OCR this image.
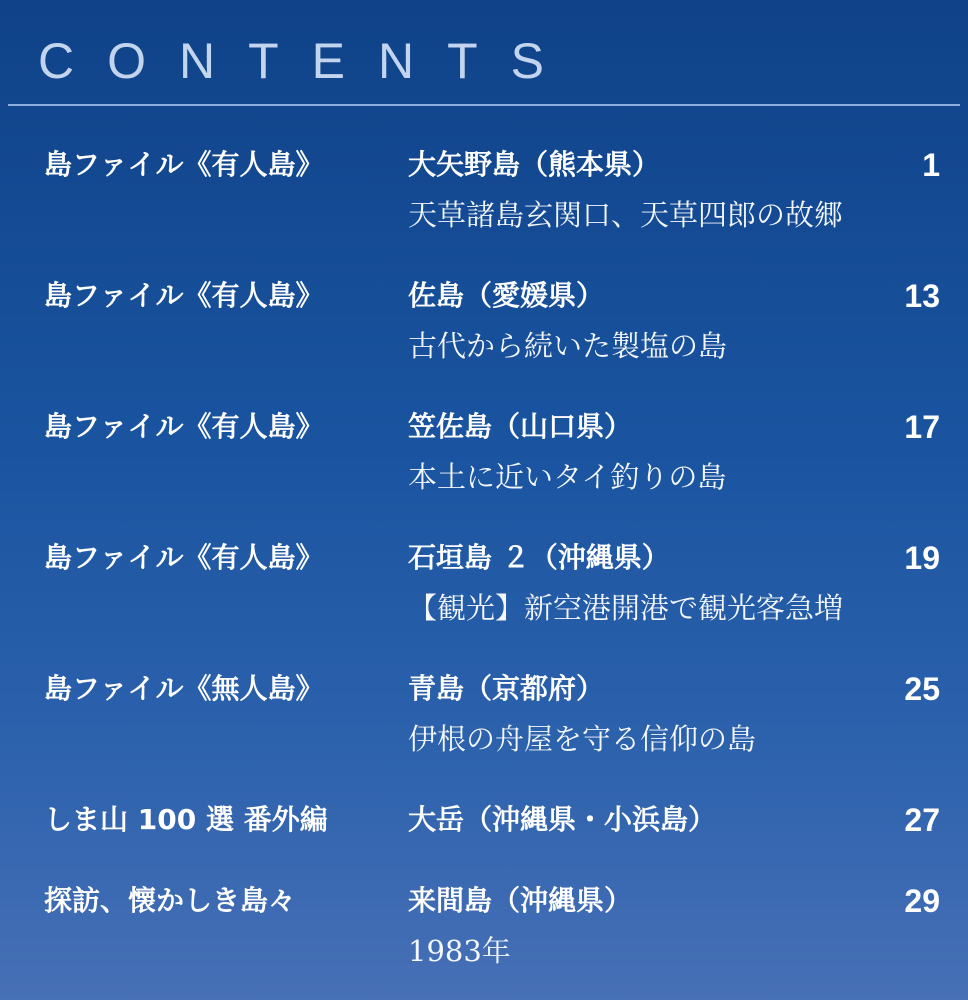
CONTENTS
島ファイル《有人島》	大矢野島（熊本県）	1
天草諸島玄関口、天草四郎の故郷
島ファイル《有人島》	佐島（愛媛県）	13
古代から続いた製塩の島
島ファイル《有人島》	笠佐島（山口県）	17
本土に近いタイ釣りの島
島ファイル《有人島》	石垣島 ２（沖縄県）	19
【観光】新空港開港で観光客急増
島ファイル《無人島》	青島（京都府）	25
伊根の舟屋を守る信仰の島
しま山 100 選 番外編	大岳（沖縄県・小浜島）	27
探訪、懐かしき島々	来間島（沖縄県）	29
1983年
